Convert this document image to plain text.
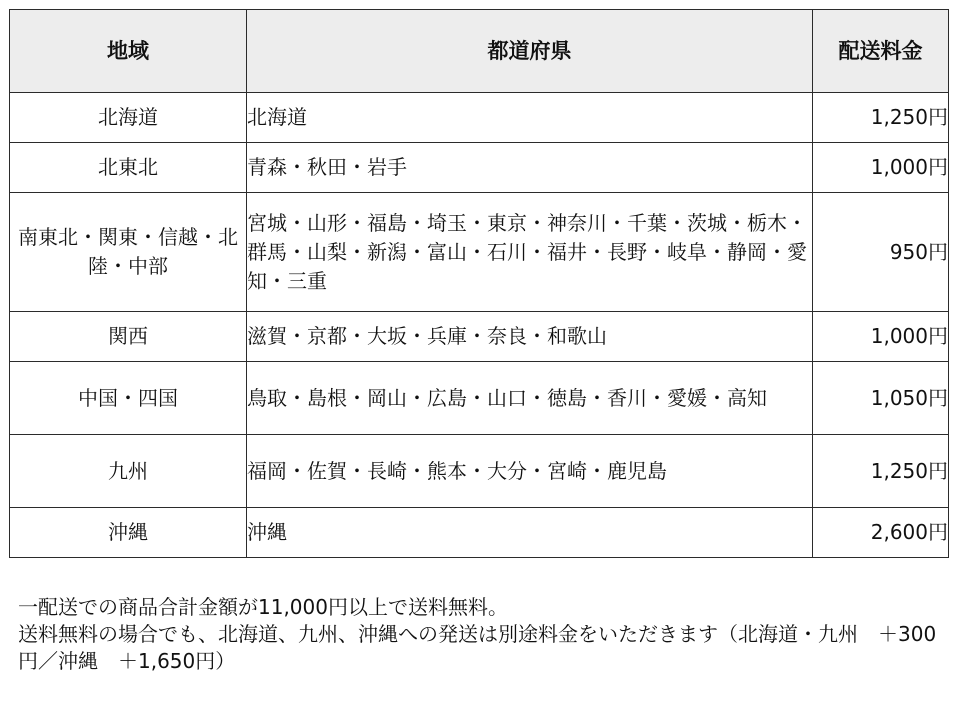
地域	都道府県	配送料金
北海道	北海道	1,250円
北東北	青森・秋田・岩手	1,000円
南東北・関東・信越・北陸・中部	宮城・山形・福島・埼玉・東京・神奈川・千葉・茨城・栃木・群馬・山梨・新潟・富山・石川・福井・長野・岐阜・静岡・愛知・三重	950円
関西	滋賀・京都・大坂・兵庫・奈良・和歌山	1,000円
中国・四国	鳥取・島根・岡山・広島・山口・徳島・香川・愛媛・高知	1,050円
九州	福岡・佐賀・長崎・熊本・大分・宮崎・鹿児島	1,250円
沖縄	沖縄	2,600円

一配送での商品合計金額が11,000円以上で送料無料。

送料無料の場合でも、北海道、九州、沖縄への発送は別途料金をいただきます（北海道・九州　＋300円／沖縄　＋1,650円）
